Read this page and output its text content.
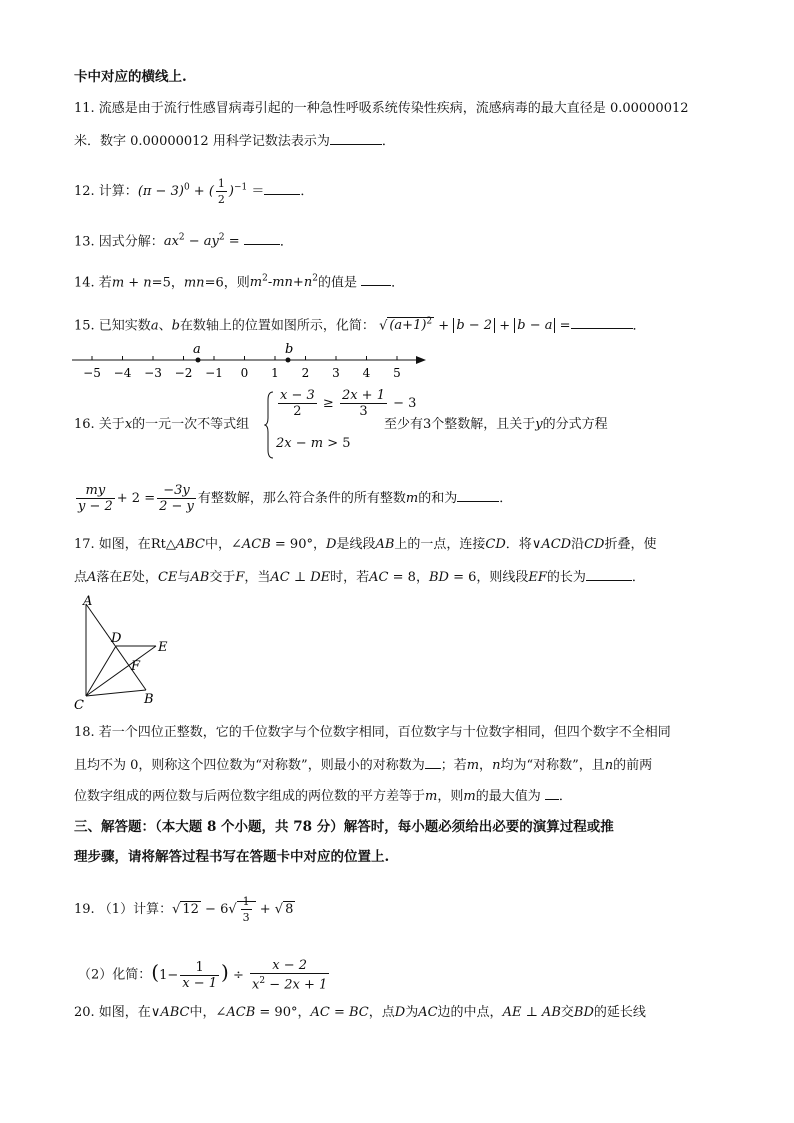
卡中对应的横线上.
11. 流感是由于流行性感冒病毒引起的一种急性呼吸系统传染性疾病，流感病毒的最大直径是 0.00000012
米．数字 0.00000012 用科学记数法表示为	．
12. 计算：$(\pi - 3)^0$ + ( $\frac{1}{2} )^{-1}$ ＝	．
13. 因式分解：$ax^2 - ay^2$ =	．
14. 若m + n=5，mn=6，则$m^2-mn+n^2$的值是	．
15. 已知实数a、b在数轴上的位置如图所示，化简： √ $(a+1)^2 + b - 2 + b - a$ =	．
−5 −4 −3 −2 −1 0 1 2 3 4 5
a	b
16. 关于x的一元一次不等式组
$\frac{x - 3}{2} \ge \frac{2x + 1}{3} - 3$
2x − m > 5
至少有3个整数解，且关于y的分式方程
$\frac{my}{y - 2} + 2 = \frac{-3y}{2 - y}$ 有整数解，那么符合条件的所有整数m的和为	．
17. 如图，在Rt△ABC中，∠ACB = 90°，D是线段AB上的一点，连接CD．将∨ACD沿CD折叠，使
点A落在E处，CE与AB交于F，当AC ⊥ DE时，若AC = 8，BD = 6，则线段EF的长为	．
A
D
E
F
C	B
18. 若一个四位正整数，它的千位数字与个位数字相同，百位数字与十位数字相同，但四个数字不全相同
且均不为 0，则称这个四位数为“对称数”，则最小的对称数为 ；若m，n均为“对称数”，且n的前两
位数字组成的两位数与后两位数字组成的两位数的平方差等于m，则m的最大值为 ．
三、解答题：（本大题 8 个小题，共 78 分）解答时，每小题必须给出必要的演算过程或推
理步骤，请将解答过程书写在答题卡中对应的位置上.
19. （1）计算：√ $12 - 6√ \frac{1}{3}$ + √ 8
（2）化简：($1- \frac{1}{x - 1}$ ) ÷ $\frac{x - 2}{x^2 - 2x + 1}$
20. 如图，在∨ABC中，∠ACB = 90°，AC = BC，点D为AC边的中点，AE ⊥ AB交BD的延长线
